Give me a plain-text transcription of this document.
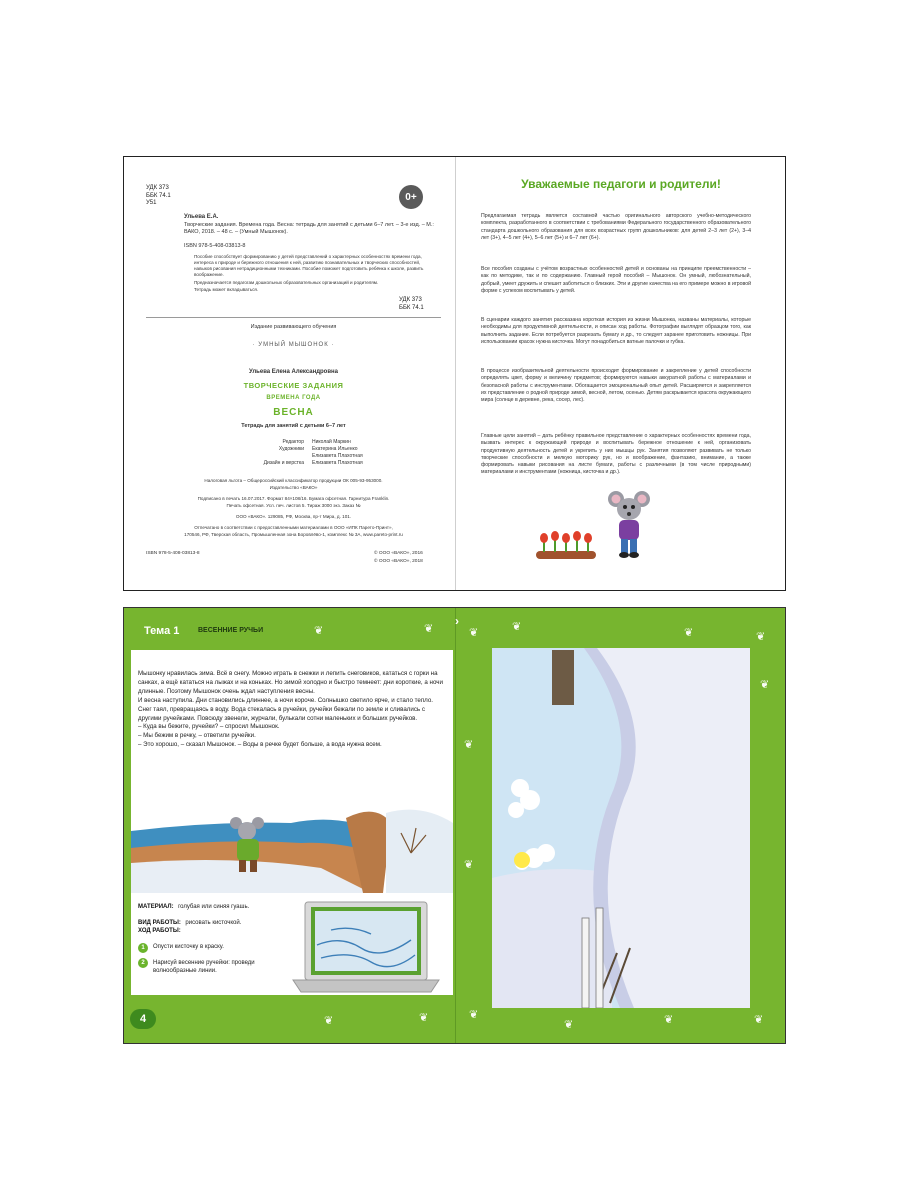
УДК 373
ББК 74.1
У51
0+
Ульева Е.А.
Творческие задания. Времена года. Весна: тетрадь для занятий с детьми 6–7 лет. – 3-е изд. – М.: ВАКО, 2018. – 48 с. – (Умный Мышонок).
ISBN 978-5-408-03813-8
Пособие способствует формированию у детей представлений о характерных особенностях времени года, интереса к природе и бережного отношения к ней, развитию познавательных и творческих способностей, навыков рисования нетрадиционными техниками. Пособие поможет подготовить ребёнка к школе, развить воображение.
Предназначается педагогам дошкольных образовательных организаций и родителям.
Тетрадь может вкладываться.
УДК 373
ББК 74.1
Издание развивающего обучения
· УМНЫЙ МЫШОНОК ·
Ульева Елена Александровна
ТВОРЧЕСКИЕ ЗАДАНИЯ
ВРЕМЕНА ГОДА
ВЕСНА
Тетрадь для занятий с детьми 6–7 лет
Редактор	Николай Маркин
Художники	Екатерина Ильенко
Елизавета Плахотная
Дизайн и верстка	Елизавета Плахотная
Налоговая льгота – Общероссийский классификатор продукции ОК 005-93-953000.
Издательство «ВАКО»
Подписано в печать 16.07.2017. Формат 84×108/16. Бумага офсетная. Гарнитура Franklin.
Печать офсетная. Усл. печ. листов 5. Тираж 3000 экз. Заказ №
ООО «ВАКО». 129085, РФ, Москва, пр-т Мира, д. 101.
Отпечатано в соответствии с предоставленными материалами в ООО «ИПК Парето-Принт»,
170546, РФ, Тверская область, Промышленная зона Боровлёво-1, комплекс № 3А, www.pareto-print.ru
ISBN 978-5-408-03813-8	© ООО «ВАКО», 2016
© ООО «ВАКО», 2018
Уважаемые педагоги и родители!
Предлагаемая тетрадь является составной частью оригинального авторского учебно-методического комплекта, разработанного в соответствии с требованиями Федерального государственного образовательного стандарта дошкольного образования для всех возрастных групп дошкольников: для детей 2–3 лет (2+), 3–4 лет (3+), 4–5 лет (4+), 5–6 лет (5+) и 6–7 лет (6+).
Все пособия созданы с учётом возрастных особенностей детей и основаны на принципе преемственности – как по методике, так и по содержанию. Главный герой пособий – Мышонок. Он умный, любознательный, добрый, умеет дружить и спешит заботиться о близких. Эти и другие качества на его примере можно в игровой форме с успехом воспитывать у детей.
В сценарии каждого занятия рассказана короткая история из жизни Мышонка, названы материалы, которые необходимы для продуктивной деятельности, и описан ход работы. Фотографии выглядят образцом того, как выполнить задание. Если потребуется разрезать бумагу и др., то следует заранее приготовить ножницы. При использовании красок нужна кисточка. Могут понадобиться ватные палочки и губка.
В процессе изобразительной деятельности происходит формирование и закрепление у детей способности определять цвет, форму и величину предметов; формируются навыки аккуратной работы с материалами и безопасной работы с инструментами. Обогащается эмоциональный опыт детей. Расширяется и закрепляется их представление о родной природе зимой, весной, летом, осенью. Детям раскрывается красота окружающего мира (солнце в деревне, река, сосер, лес).
Главные цели занятий – дать ребёнку правильное представление о характерных особенностях времени года, вызвать интерес к окружающей природе и воспитывать бережное отношение к ней, организовать продуктивную деятельность детей и укрепить у них мышцы рук. Занятия позволяют развивать не только творческие способности и мелкую моторику рук, но и воображение, фантазию, внимание, а также формировать навыки рисования на листе бумаги, работы с различными (в том числе природными) материалами и инструментами (ножница, кисточка и др.).
Тема 1	ВЕСЕННИЕ РУЧЬИ
›
Мышонку нравилась зима. Всё в снегу. Можно играть в снежки и лепить снеговиков, кататься с горки на санках, а ещё кататься на лыжах и на коньках. Но зимой холодно и быстро темнеет: дни короткие, а ночи длинные. Поэтому Мышонок очень ждал наступления весны.
И весна наступила. Дни становились длиннее, а ночи короче. Солнышко светило ярче, и стало тепло. Снег таял, превращаясь в воду. Вода стекалась в ручейки, ручейки бежали по земле и сливались с другими ручейками. Повсюду звенели, журчали, булькали сотни маленьких и больших ручейков.
– Куда вы бежите, ручейки? – спросил Мышонок.
– Мы бежим в речку, – ответили ручейки.
– Это хорошо, – сказал Мышонок. – Воды в речке будет больше, а вода нужна всем.
МАТЕРИАЛ: голубая или синяя гуашь.
ВИД РАБОТЫ: рисовать кисточкой.
ХОД РАБОТЫ:
1	Опусти кисточку в краску.
2	Нарисуй весенние ручейки: проведи волнообразные линии.
4
❦	❦	❦	❦
❦
❦
❦
❦
❦	❦	❦
❦	❦
❦	❦
